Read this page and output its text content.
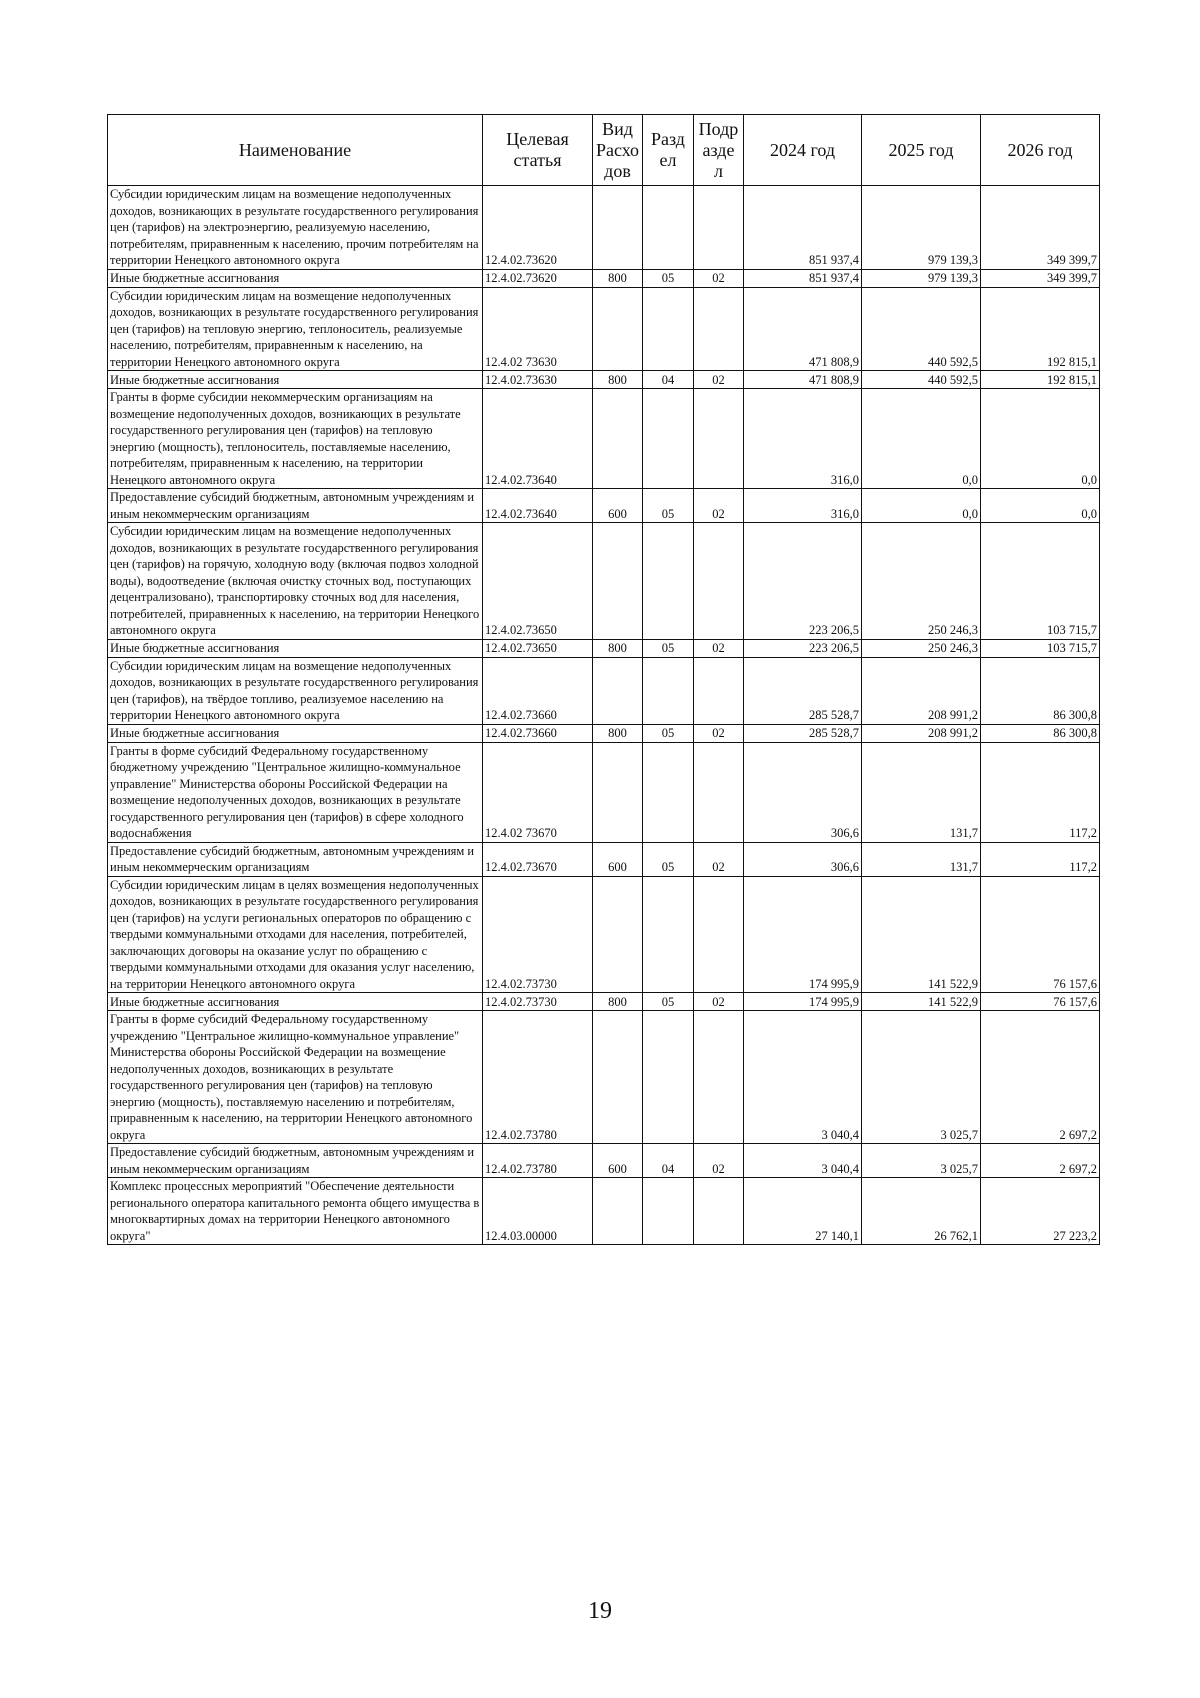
Наименование	Целевая статья	Вид Расхо дов	Разд ел	Подр азде л	2024 год	2025 год	2026 год
Субсидии юридическим лицам на возмещение недополученных доходов, возникающих в результате государственного регулирования цен (тарифов) на электроэнергию, реализуемую населению, потребителям, приравненным к населению, прочим потребителям на территории Ненецкого автономного округа	12.4.02.73620				851 937,4	979 139,3	349 399,7
Иные бюджетные ассигнования	12.4.02.73620	800	05	02	851 937,4	979 139,3	349 399,7
Субсидии юридическим лицам на возмещение недополученных доходов, возникающих в результате государственного регулирования цен (тарифов) на тепловую энергию, теплоноситель, реализуемые населению, потребителям, приравненным к населению, на территории Ненецкого автономного округа	12.4.02 73630				471 808,9	440 592,5	192 815,1
Иные бюджетные ассигнования	12.4.02.73630	800	04	02	471 808,9	440 592,5	192 815,1
Гранты в форме субсидии некоммерческим организациям на возмещение недополученных доходов, возникающих в результате государственного регулирования цен (тарифов) на тепловую энергию (мощность), теплоноситель, поставляемые населению, потребителям, приравненным к населению, на территории Ненецкого автономного округа	12.4.02.73640				316,0	0,0	0,0
Предоставление субсидий бюджетным, автономным учреждениям и иным некоммерческим организациям	12.4.02.73640	600	05	02	316,0	0,0	0,0
Субсидии юридическим лицам на возмещение недополученных доходов, возникающих в результате государственного регулирования цен (тарифов) на горячую, холодную воду (включая подвоз холодной воды), водоотведение (включая очистку сточных вод, поступающих децентрализовано), транспортировку сточных вод для населения, потребителей, приравненных к населению, на территории Ненецкого автономного округа	12.4.02.73650				223 206,5	250 246,3	103 715,7
Иные бюджетные ассигнования	12.4.02.73650	800	05	02	223 206,5	250 246,3	103 715,7
Субсидии юридическим лицам на возмещение недополученных доходов, возникающих в результате государственного регулирования цен (тарифов), на твёрдое топливо, реализуемое населению на территории Ненецкого автономного округа	12.4.02.73660				285 528,7	208 991,2	86 300,8
Иные бюджетные ассигнования	12.4.02.73660	800	05	02	285 528,7	208 991,2	86 300,8
Гранты в форме субсидий Федеральному государственному бюджетному учреждению "Центральное жилищно-коммунальное управление" Министерства обороны Российской Федерации на возмещение недополученных доходов, возникающих в результате государственного регулирования цен (тарифов) в сфере холодного водоснабжения	12.4.02 73670				306,6	131,7	117,2
Предоставление субсидий бюджетным, автономным учреждениям и иным некоммерческим организациям	12.4.02.73670	600	05	02	306,6	131,7	117,2
Субсидии юридическим лицам в целях возмещения недополученных доходов, возникающих в результате государственного регулирования цен (тарифов) на услуги региональных операторов по обращению с твердыми коммунальными отходами для населения, потребителей, заключающих договоры на оказание услуг по обращению с твердыми коммунальными отходами для оказания услуг населению, на территории Ненецкого автономного округа	12.4.02.73730				174 995,9	141 522,9	76 157,6
Иные бюджетные ассигнования	12.4.02.73730	800	05	02	174 995,9	141 522,9	76 157,6
Гранты в форме субсидий Федеральному государственному учреждению "Центральное жилищно-коммунальное управление" Министерства обороны Российской Федерации на возмещение недополученных доходов, возникающих в результате государственного регулирования цен (тарифов) на тепловую энергию (мощность), поставляемую населению и потребителям, приравненным к населению, на территории Ненецкого автономного округа	12.4.02.73780				3 040,4	3 025,7	2 697,2
Предоставление субсидий бюджетным, автономным учреждениям и иным некоммерческим организациям	12.4.02.73780	600	04	02	3 040,4	3 025,7	2 697,2
Комплекс процессных мероприятий "Обеспечение деятельности регионального оператора капитального ремонта общего имущества в многоквартирных домах на территории Ненецкого автономного округа"	12.4.03.00000				27 140,1	26 762,1	27 223,2
19
